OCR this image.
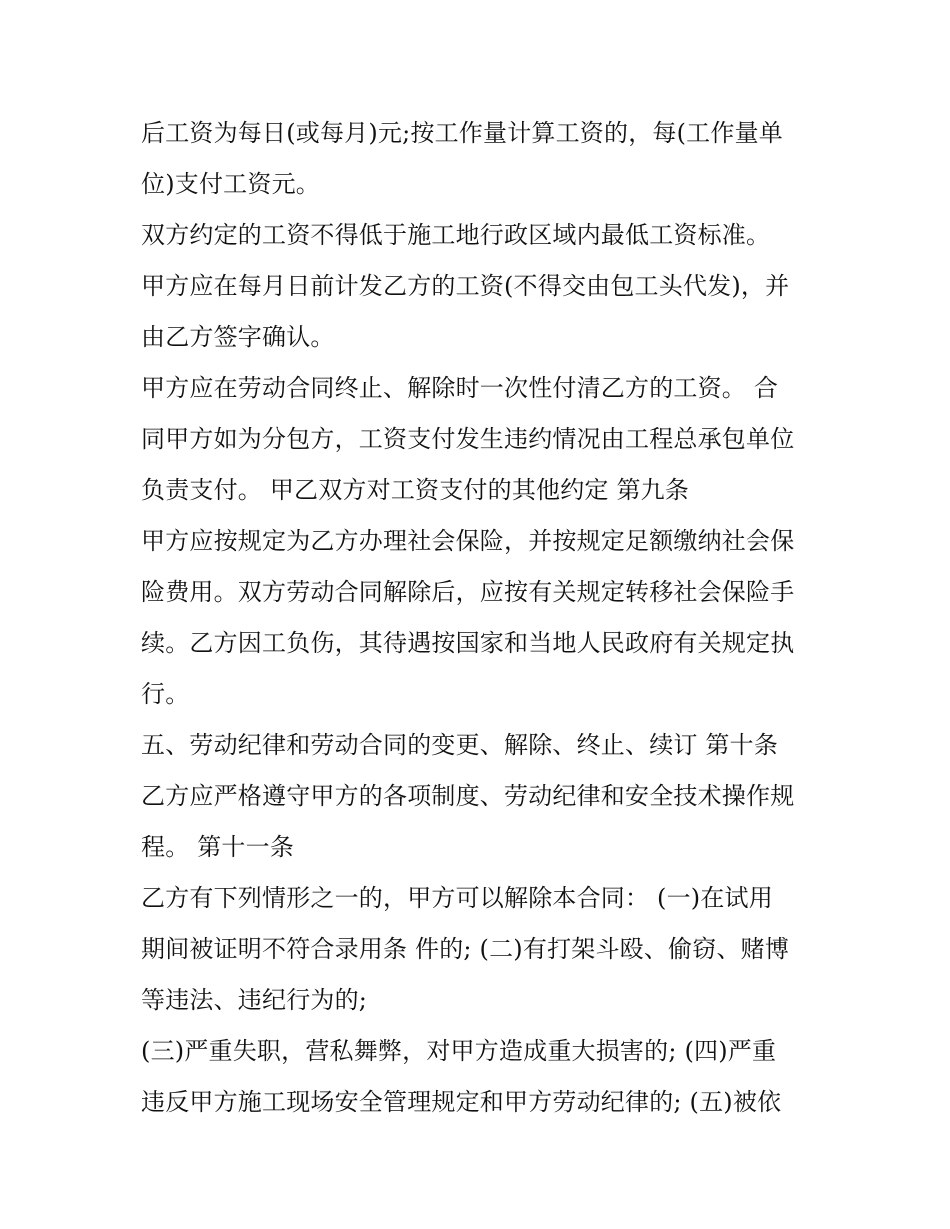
后工资为每日(或每月)元;按工作量计算工资的，每(工作量单
位)支付工资元。
双方约定的工资不得低于施工地行政区域内最低工资标准。
甲方应在每月日前计发乙方的工资(不得交由包工头代发)，并
由乙方签字确认。
甲方应在劳动合同终止、解除时一次性付清乙方的工资。 合
同甲方如为分包方，工资支付发生违约情况由工程总承包单位
负责支付。 甲乙双方对工资支付的其他约定 第九条
甲方应按规定为乙方办理社会保险，并按规定足额缴纳社会保
险费用。双方劳动合同解除后，应按有关规定转移社会保险手
续。乙方因工负伤，其待遇按国家和当地人民政府有关规定执
行。
五、劳动纪律和劳动合同的变更、解除、终止、续订 第十条
乙方应严格遵守甲方的各项制度、劳动纪律和安全技术操作规
程。 第十一条
乙方有下列情形之一的，甲方可以解除本合同： (一)在试用
期间被证明不符合录用条 件的; (二)有打架斗殴、偷窃、赌博
等违法、违纪行为的;
(三)严重失职，营私舞弊，对甲方造成重大损害的; (四)严重
违反甲方施工现场安全管理规定和甲方劳动纪律的; (五)被依
